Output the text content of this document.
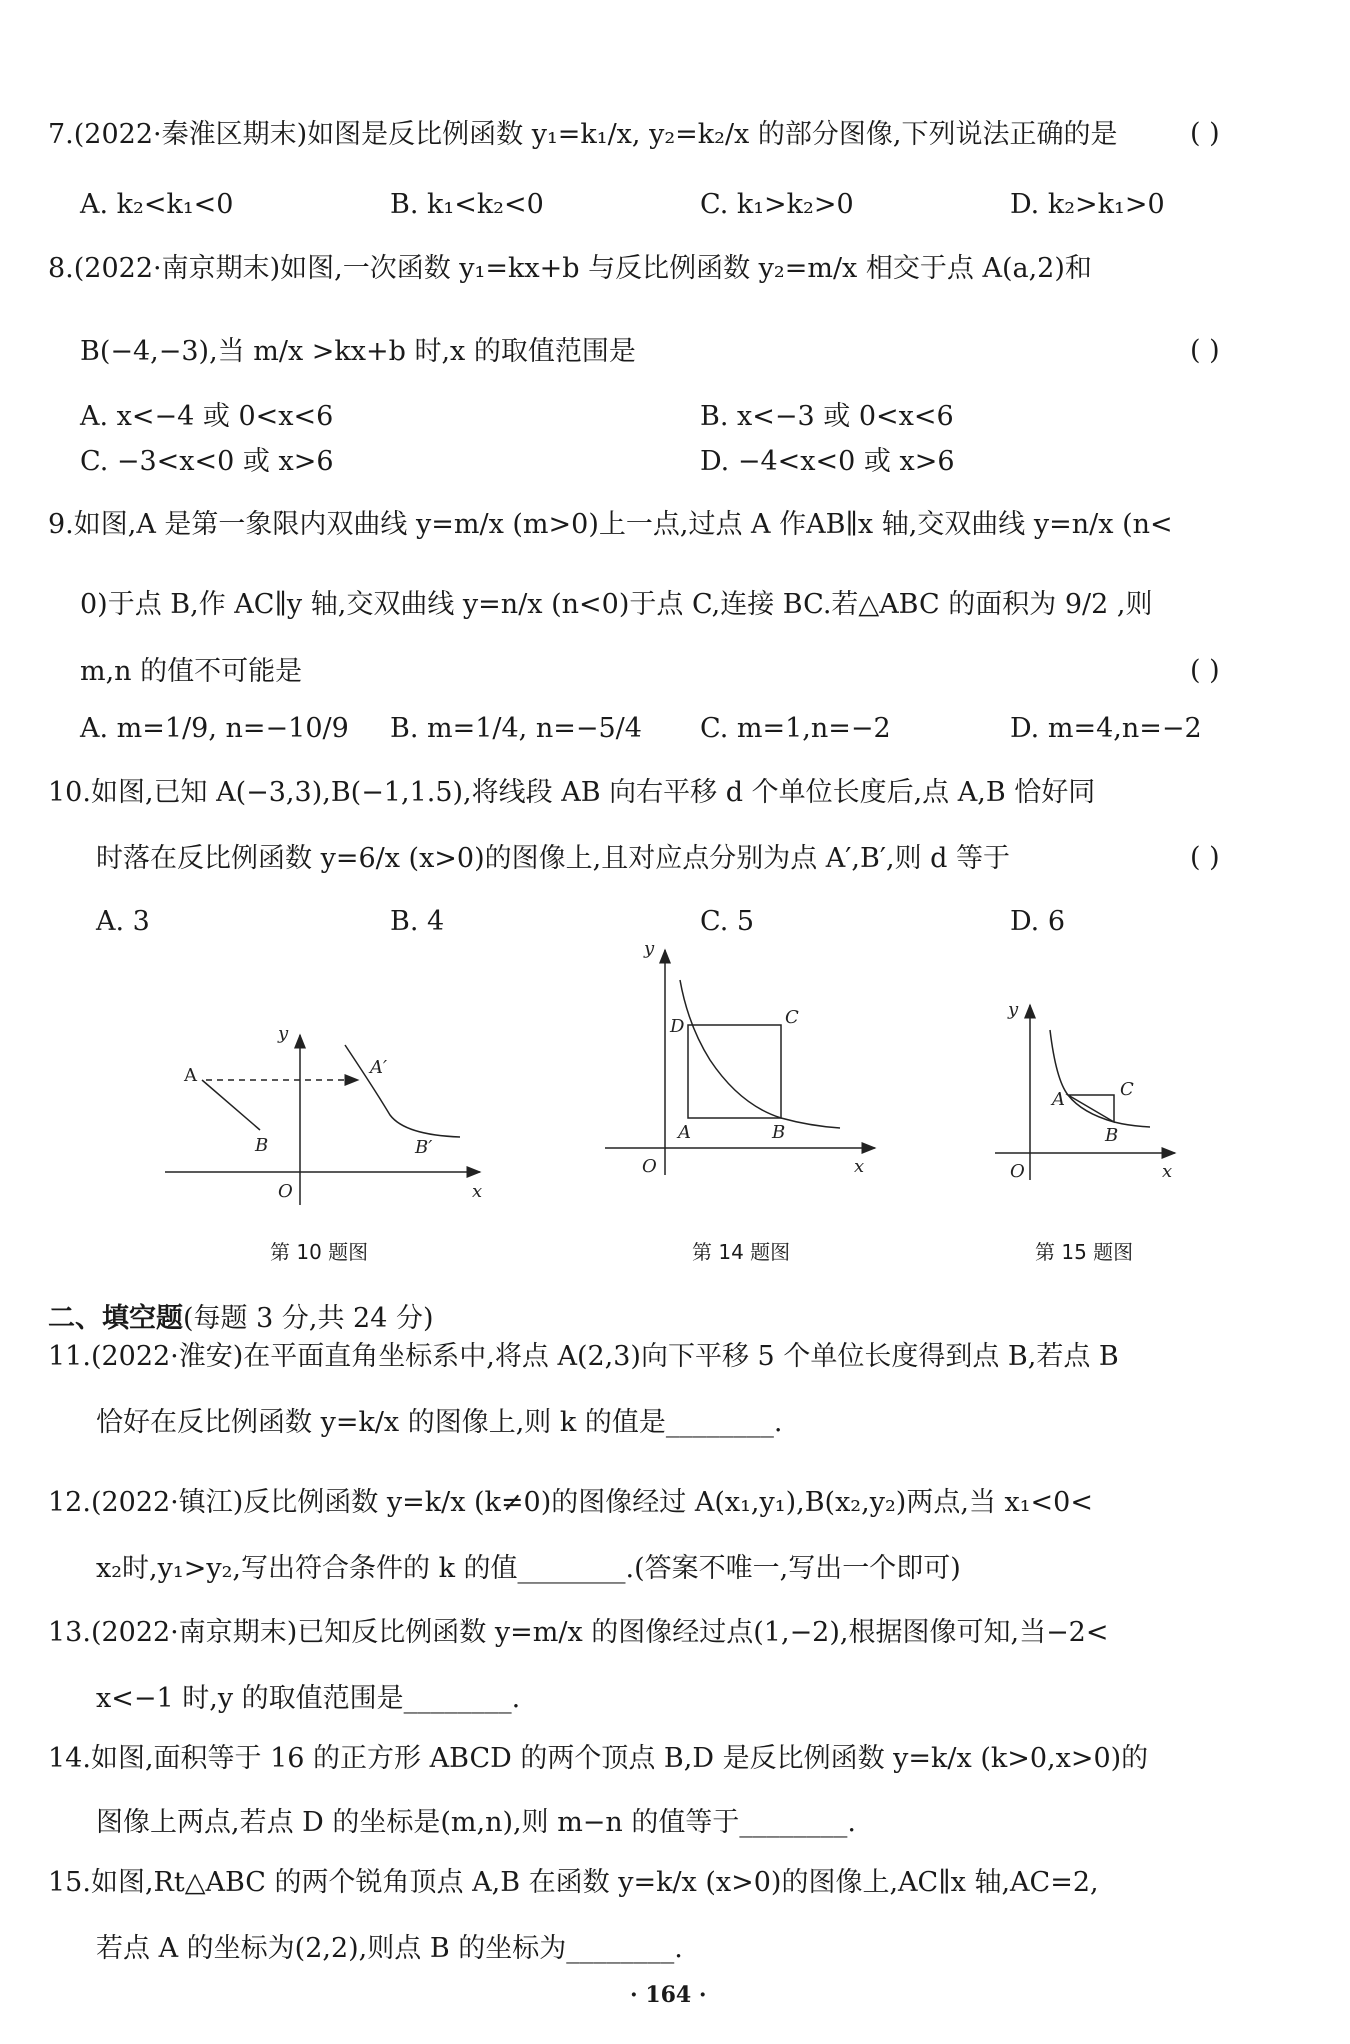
7.(2022·秦淮区期末)如图是反比例函数 y₁=k₁/x, y₂=k₂/x 的部分图像,下列说法正确的是	( )
A. k₂<k₁<0	B. k₁<k₂<0	C. k₁>k₂>0	D. k₂>k₁>0
8.(2022·南京期末)如图,一次函数 y₁=kx+b 与反比例函数 y₂=m/x 相交于点 A(a,2)和
B(−4,−3),当 m/x >kx+b 时,x 的取值范围是	( )
A. x<−4 或 0<x<6	B. x<−3 或 0<x<6
C. −3<x<0 或 x>6	D. −4<x<0 或 x>6
9.如图,A 是第一象限内双曲线 y=m/x (m>0)上一点,过点 A 作AB∥x 轴,交双曲线 y=n/x (n<
0)于点 B,作 AC∥y 轴,交双曲线 y=n/x (n<0)于点 C,连接 BC.若△ABC 的面积为 9/2 ,则
m,n 的值不可能是	( )
A. m=1/9, n=−10/9 B. m=1/4, n=−5/4 C. m=1,n=−2	D. m=4,n=−2
10.如图,已知 A(−3,3),B(−1,1.5),将线段 AB 向右平移 d 个单位长度后,点 A,B 恰好同
时落在反比例函数 y=6/x (x>0)的图像上,且对应点分别为点 A′,B′,则 d 等于	( )
A. 3	B. 4	C. 5	D. 6
A
B
A′
B′
O	x
y
第 10 题图
D	C
A	B
O	x
y
第 14 题图
A
B
C
O	x
y
第 15 题图
二、填空题(每题 3 分,共 24 分)
11.(2022·淮安)在平面直角坐标系中,将点 A(2,3)向下平移 5 个单位长度得到点 B,若点 B
恰好在反比例函数 y=k/x 的图像上,则 k 的值是________.
12.(2022·镇江)反比例函数 y=k/x (k≠0)的图像经过 A(x₁,y₁),B(x₂,y₂)两点,当 x₁<0<
x₂时,y₁>y₂,写出符合条件的 k 的值________.(答案不唯一,写出一个即可)
13.(2022·南京期末)已知反比例函数 y=m/x 的图像经过点(1,−2),根据图像可知,当−2<
x<−1 时,y 的取值范围是________.
14.如图,面积等于 16 的正方形 ABCD 的两个顶点 B,D 是反比例函数 y=k/x (k>0,x>0)的
图像上两点,若点 D 的坐标是(m,n),则 m−n 的值等于________.
15.如图,Rt△ABC 的两个锐角顶点 A,B 在函数 y=k/x (x>0)的图像上,AC∥x 轴,AC=2,
若点 A 的坐标为(2,2),则点 B 的坐标为________.
· 164 ·
